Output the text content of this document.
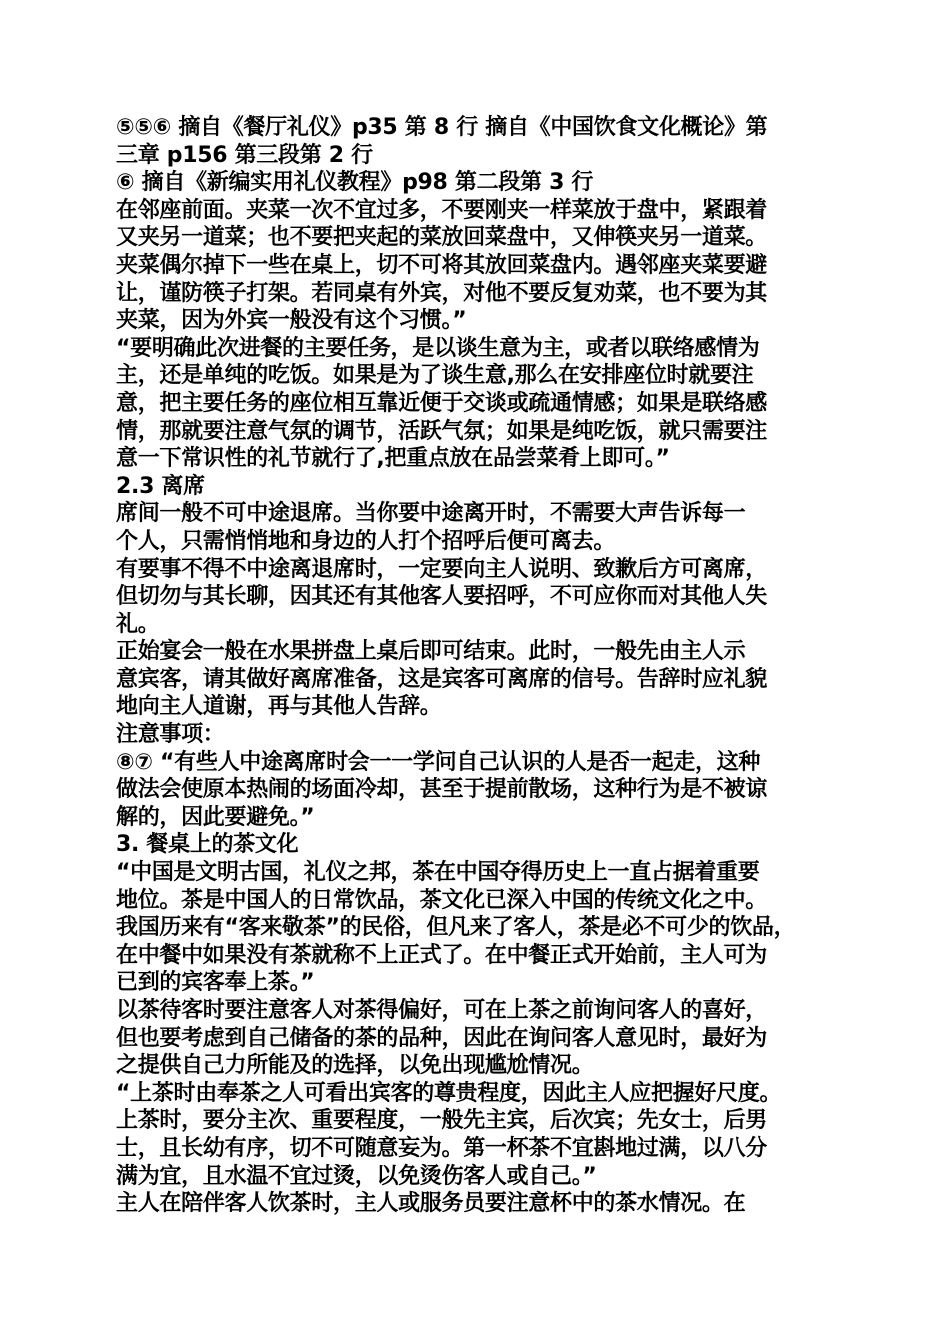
⑤⑤⑥ 摘自《餐厅礼仪》p35 第 8 行 摘自《中国饮食文化概论》第
三章 p156 第三段第 2 行
⑥ 摘自《新编实用礼仪教程》p98 第二段第 3 行
在邻座前面。夹菜一次不宜过多，不要刚夹一样菜放于盘中，紧跟着
又夹另一道菜；也不要把夹起的菜放回菜盘中，又伸筷夹另一道菜。
夹菜偶尔掉下一些在桌上，切不可将其放回菜盘内。遇邻座夹菜要避
让，谨防筷子打架。若同桌有外宾，对他不要反复劝菜，也不要为其
夹菜，因为外宾一般没有这个习惯。”
“要明确此次进餐的主要任务，是以谈生意为主，或者以联络感情为
主，还是单纯的吃饭。如果是为了谈生意,那么在安排座位时就要注
意，把主要任务的座位相互靠近便于交谈或疏通情感；如果是联络感
情，那就要注意气氛的调节，活跃气氛；如果是纯吃饭，就只需要注
意一下常识性的礼节就行了,把重点放在品尝菜肴上即可。”
2.3 离席
席间一般不可中途退席。当你要中途离开时，不需要大声告诉每一
个人，只需悄悄地和身边的人打个招呼后便可离去。
有要事不得不中途离退席时，一定要向主人说明、致歉后方可离席，
但切勿与其长聊，因其还有其他客人要招呼，不可应你而对其他人失
礼。
正始宴会一般在水果拼盘上桌后即可结束。此时，一般先由主人示
意宾客，请其做好离席准备，这是宾客可离席的信号。告辞时应礼貌
地向主人道谢，再与其他人告辞。
注意事项：
⑧⑦ “有些人中途离席时会一一学问自己认识的人是否一起走，这种
做法会使原本热闹的场面冷却，甚至于提前散场，这种行为是不被谅
解的，因此要避免。”
3. 餐桌上的茶文化
“中国是文明古国，礼仪之邦，茶在中国夺得历史上一直占据着重要
地位。茶是中国人的日常饮品，茶文化已深入中国的传统文化之中。
我国历来有“客来敬茶”的民俗，但凡来了客人，茶是必不可少的饮品，
在中餐中如果没有茶就称不上正式了。在中餐正式开始前，主人可为
已到的宾客奉上茶。”
以茶待客时要注意客人对茶得偏好，可在上茶之前询问客人的喜好，
但也要考虑到自己储备的茶的品种，因此在询问客人意见时，最好为
之提供自己力所能及的选择，以免出现尴尬情况。
“上茶时由奉茶之人可看出宾客的尊贵程度，因此主人应把握好尺度。
上茶时，要分主次、重要程度，一般先主宾，后次宾；先女士，后男
士，且长幼有序，切不可随意妄为。第一杯茶不宜斟地过满，以八分
满为宜，且水温不宜过烫，以免烫伤客人或自己。”
主人在陪伴客人饮茶时，主人或服务员要注意杯中的茶水情况。在
